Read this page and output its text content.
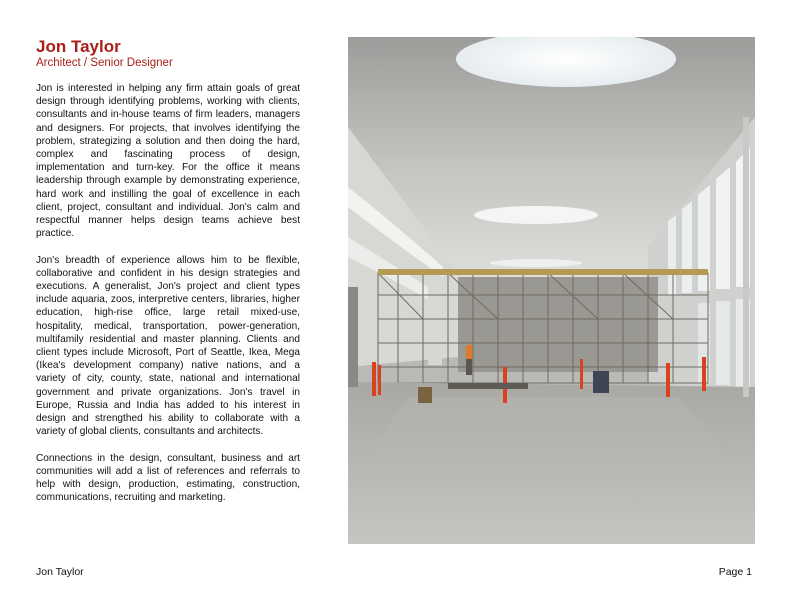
Jon Taylor
Architect / Senior Designer

Jon is interested in helping any firm attain goals of great design through identifying problems, working with clients, consultants and in-house teams of firm leaders, managers and designers. For projects, that involves identifying the problem, strategizing a solution and then doing the hard, complex and fascinating process of design, implementation and turn-key. For the office it means leadership through example by demonstrating experience, hard work and instilling the goal of excellence in each client, project, consultant and individual. Jon's calm and respectful manner helps design teams achieve best practice.

Jon's breadth of experience allows him to be flexible, collaborative and confident in his design strategies and executions. A generalist, Jon's project and client types include aquaria, zoos, interpretive centers, libraries, higher education, high-rise office, large retail mixed-use, hospitality, medical, transportation, power-generation, multifamily residential and master planning. Clients and client types include Microsoft, Port of Seattle, Ikea, Mega (Ikea's development company) native nations, and a variety of city, county, state, national and international government and private organizations. Jon's travel in Europe, Russia and India has added to his interest in design and strengthed his ability to collaborate with a variety of global clients, consultants and architects.

Connections in the design, consultant, business and art communities will add a list of references and referrals to help with design, production, estimating, construction, communications, recruiting and marketing.

Jon Taylor	Page 1
